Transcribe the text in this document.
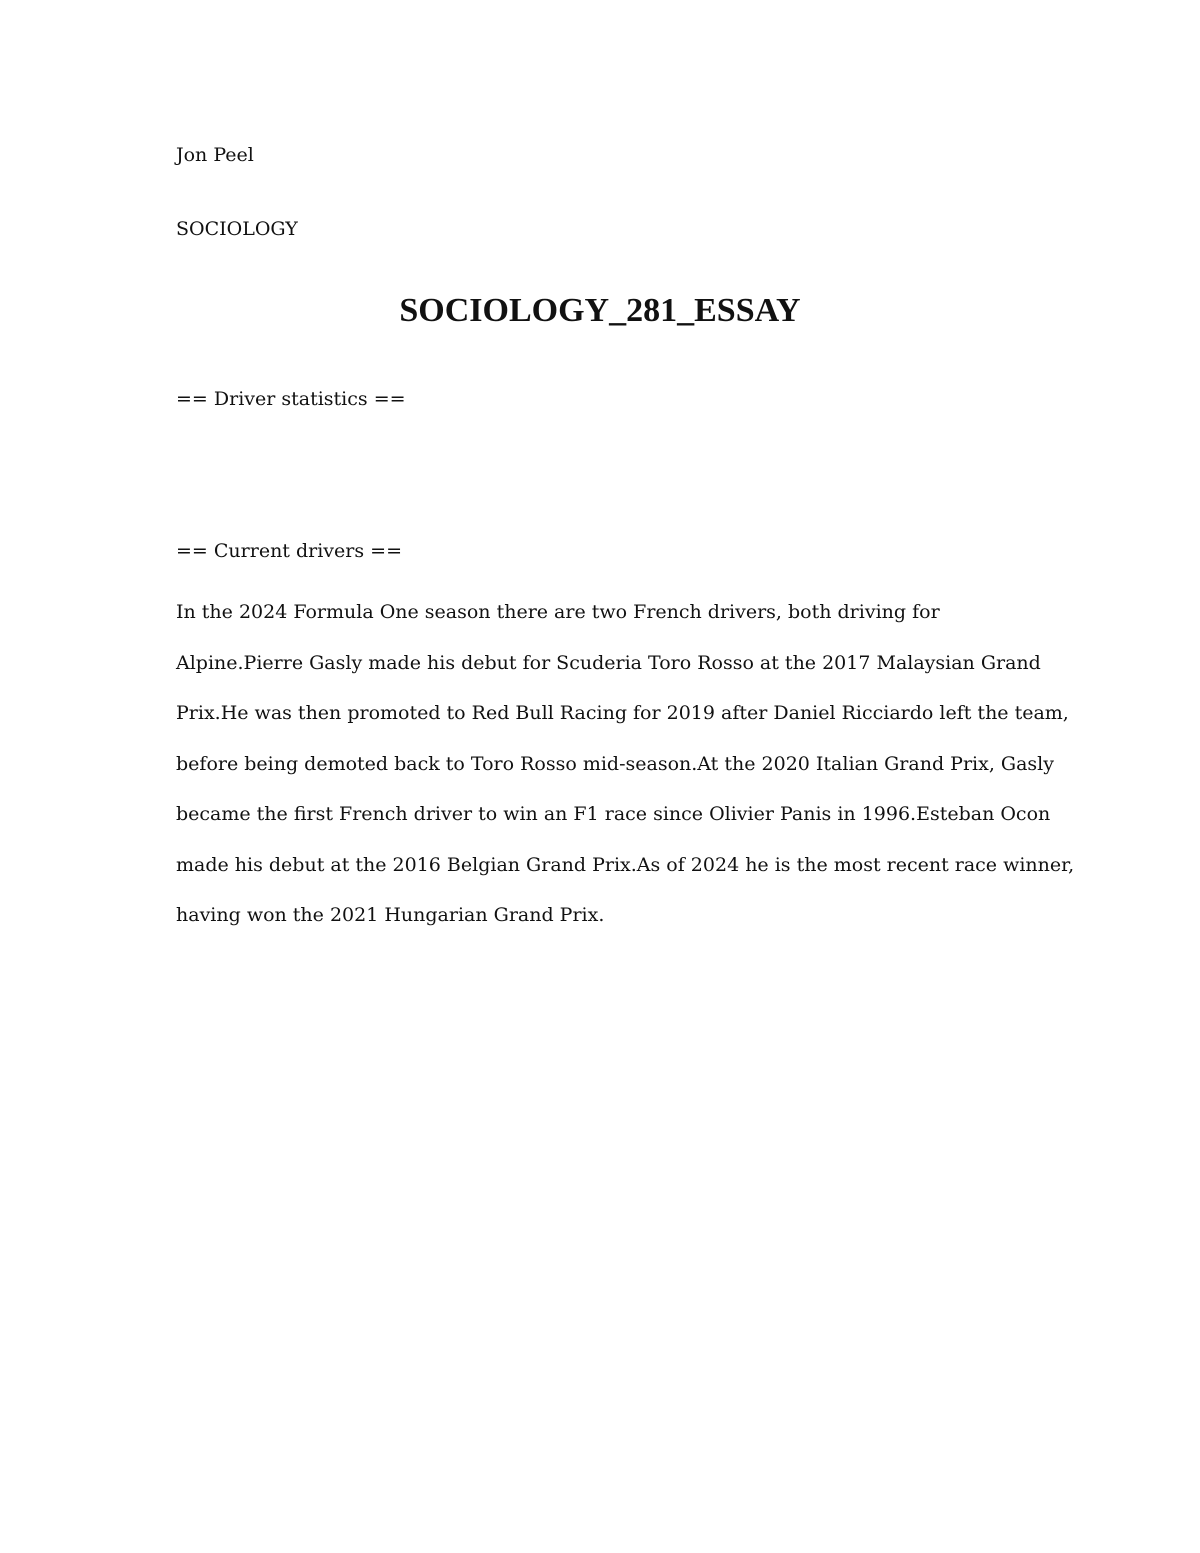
Jon Peel

SOCIOLOGY

SOCIOLOGY_281_ESSAY

== Driver statistics ==

== Current drivers ==

In the 2024 Formula One season there are two French drivers, both driving for

Alpine.Pierre Gasly made his debut for Scuderia Toro Rosso at the 2017 Malaysian Grand

Prix.He was then promoted to Red Bull Racing for 2019 after Daniel Ricciardo left the team,

before being demoted back to Toro Rosso mid-season.At the 2020 Italian Grand Prix, Gasly

became the first French driver to win an F1 race since Olivier Panis in 1996.Esteban Ocon

made his debut at the 2016 Belgian Grand Prix.As of 2024 he is the most recent race winner,

having won the 2021 Hungarian Grand Prix.
